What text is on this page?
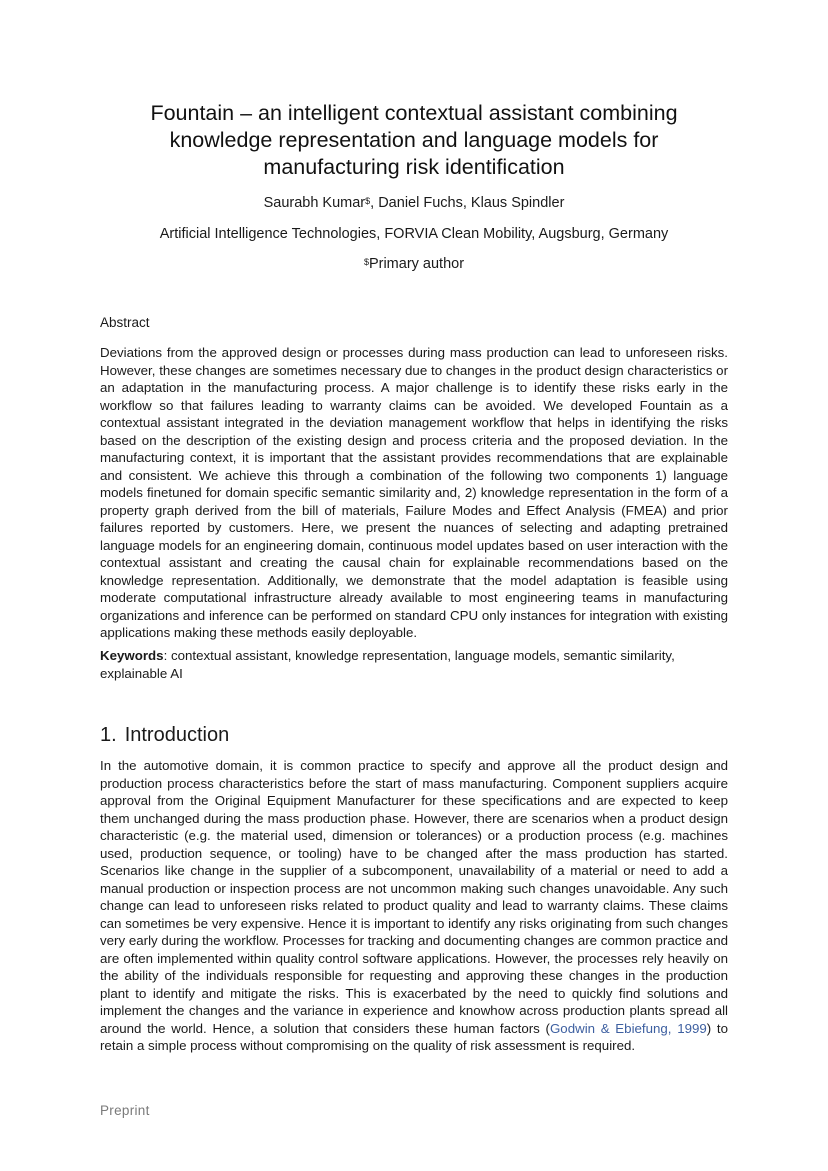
Fountain – an intelligent contextual assistant combining knowledge representation and language models for manufacturing risk identification
Saurabh Kumar$, Daniel Fuchs, Klaus Spindler
Artificial Intelligence Technologies, FORVIA Clean Mobility, Augsburg, Germany
$Primary author
Abstract
Deviations from the approved design or processes during mass production can lead to unforeseen risks. However, these changes are sometimes necessary due to changes in the product design characteristics or an adaptation in the manufacturing process. A major challenge is to identify these risks early in the workflow so that failures leading to warranty claims can be avoided. We developed Fountain as a contextual assistant integrated in the deviation management workflow that helps in identifying the risks based on the description of the existing design and process criteria and the proposed deviation. In the manufacturing context, it is important that the assistant provides recommendations that are explainable and consistent. We achieve this through a combination of the following two components 1) language models finetuned for domain specific semantic similarity and, 2) knowledge representation in the form of a property graph derived from the bill of materials, Failure Modes and Effect Analysis (FMEA) and prior failures reported by customers. Here, we present the nuances of selecting and adapting pretrained language models for an engineering domain, continuous model updates based on user interaction with the contextual assistant and creating the causal chain for explainable recommendations based on the knowledge representation. Additionally, we demonstrate that the model adaptation is feasible using moderate computational infrastructure already available to most engineering teams in manufacturing organizations and inference can be performed on standard CPU only instances for integration with existing applications making these methods easily deployable.
Keywords: contextual assistant, knowledge representation, language models, semantic similarity, explainable AI
1. Introduction
In the automotive domain, it is common practice to specify and approve all the product design and production process characteristics before the start of mass manufacturing. Component suppliers acquire approval from the Original Equipment Manufacturer for these specifications and are expected to keep them unchanged during the mass production phase. However, there are scenarios when a product design characteristic (e.g. the material used, dimension or tolerances) or a production process (e.g. machines used, production sequence, or tooling) have to be changed after the mass production has started. Scenarios like change in the supplier of a subcomponent, unavailability of a material or need to add a manual production or inspection process are not uncommon making such changes unavoidable. Any such change can lead to unforeseen risks related to product quality and lead to warranty claims. These claims can sometimes be very expensive. Hence it is important to identify any risks originating from such changes very early during the workflow. Processes for tracking and documenting changes are common practice and are often implemented within quality control software applications. However, the processes rely heavily on the ability of the individuals responsible for requesting and approving these changes in the production plant to identify and mitigate the risks. This is exacerbated by the need to quickly find solutions and implement the changes and the variance in experience and knowhow across production plants spread all around the world. Hence, a solution that considers these human factors (Godwin & Ebiefung, 1999) to retain a simple process without compromising on the quality of risk assessment is required.
Preprint
